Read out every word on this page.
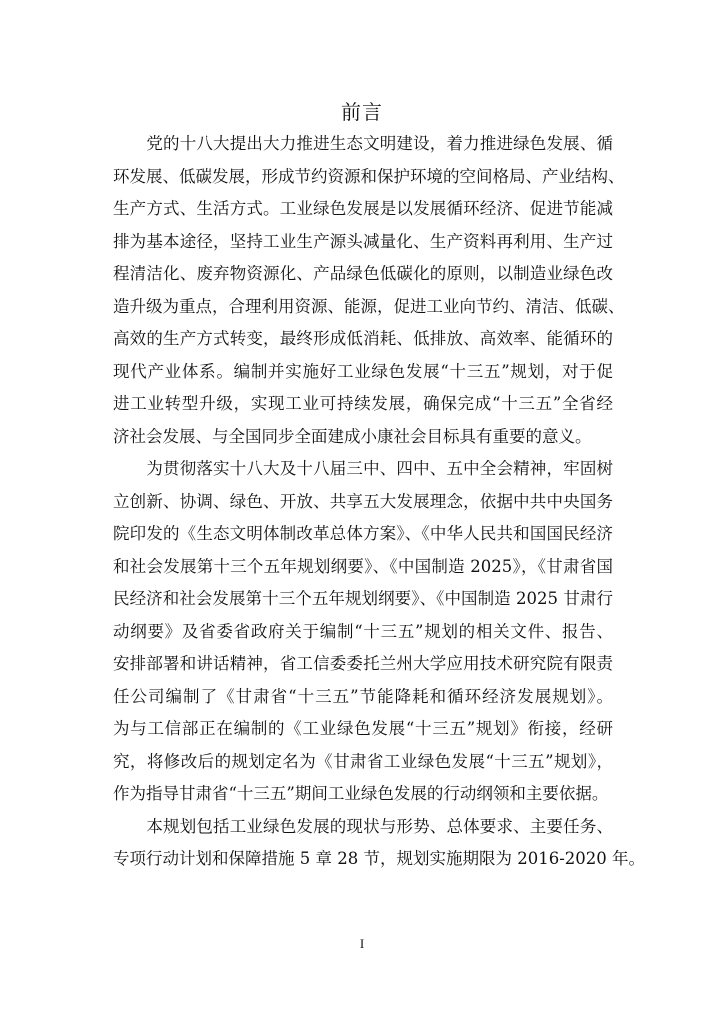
前言
　　党的十八大提出大力推进生态文明建设，着力推进绿色发展、循
环发展、低碳发展，形成节约资源和保护环境的空间格局、产业结构、
生产方式、生活方式。工业绿色发展是以发展循环经济、促进节能减
排为基本途径，坚持工业生产源头减量化、生产资料再利用、生产过
程清洁化、废弃物资源化、产品绿色低碳化的原则，以制造业绿色改
造升级为重点，合理利用资源、能源，促进工业向节约、清洁、低碳、
高效的生产方式转变，最终形成低消耗、低排放、高效率、能循环的
现代产业体系。编制并实施好工业绿色发展“十三五”规划，对于促
进工业转型升级，实现工业可持续发展，确保完成“十三五”全省经
济社会发展、与全国同步全面建成小康社会目标具有重要的意义。
　　为贯彻落实十八大及十八届三中、四中、五中全会精神，牢固树
立创新、协调、绿色、开放、共享五大发展理念，依据中共中央国务
院印发的《生态文明体制改革总体方案》、《中华人民共和国国民经济
和社会发展第十三个五年规划纲要》、《中国制造 2025》，《甘肃省国
民经济和社会发展第十三个五年规划纲要》、《中国制造 2025 甘肃行
动纲要》及省委省政府关于编制“十三五”规划的相关文件、报告、
安排部署和讲话精神，省工信委委托兰州大学应用技术研究院有限责
任公司编制了《甘肃省“十三五”节能降耗和循环经济发展规划》。
为与工信部正在编制的《工业绿色发展“十三五”规划》衔接，经研
究，将修改后的规划定名为《甘肃省工业绿色发展“十三五”规划》，
作为指导甘肃省“十三五”期间工业绿色发展的行动纲领和主要依据。
　　本规划包括工业绿色发展的现状与形势、总体要求、主要任务、
专项行动计划和保障措施 5 章 28 节，规划实施期限为 2016-2020 年。
I
